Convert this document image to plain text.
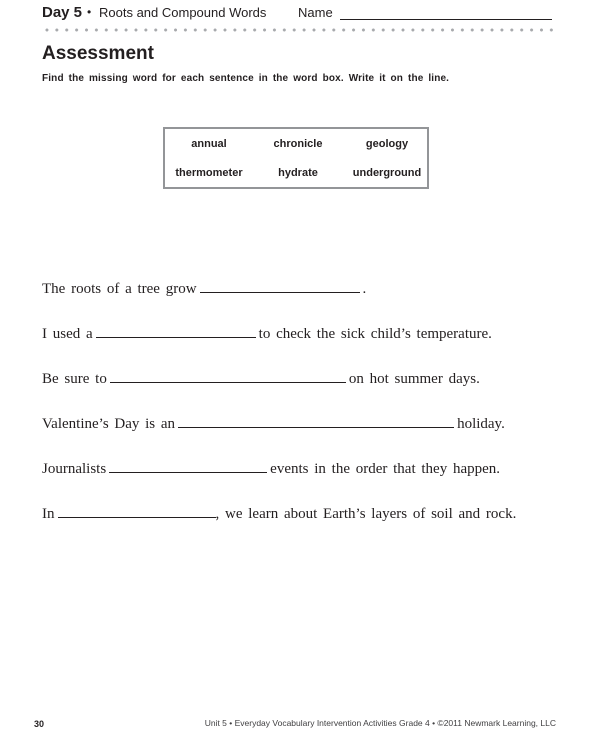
Day 5 • Roots and Compound Words Name
Assessment
Find the missing word for each sentence in the word box. Write it on the line.
annual	chronicle	geology
thermometer	hydrate	underground
The roots of a tree grow	.
I used a	to check the sick child’s temperature.
Be sure to	on hot summer days.
Valentine’s Day is an	holiday.
Journalists	events in the order that they happen.
In	, we learn about Earth’s layers of soil and rock.
30	Unit 5 • Everyday Vocabulary Intervention Activities Grade 4 • ©2011 Newmark Learning, LLC
